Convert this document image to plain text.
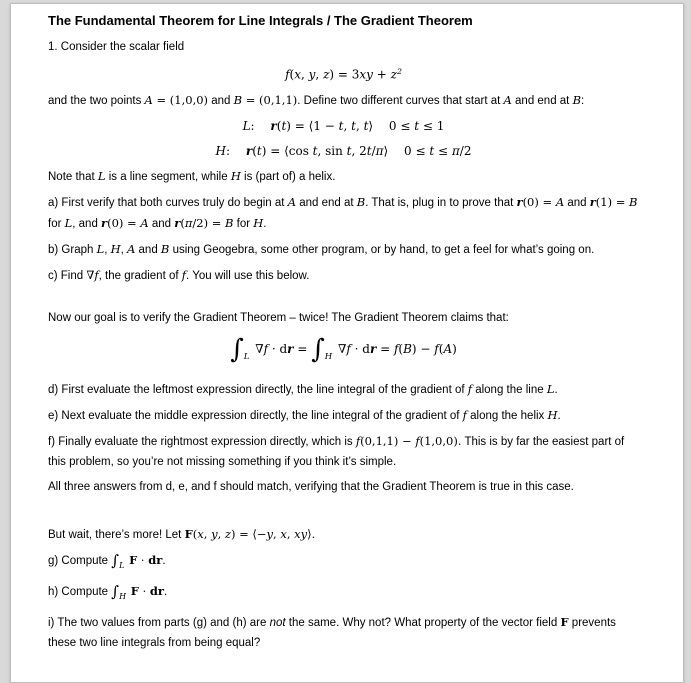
The Fundamental Theorem for Line Integrals / The Gradient Theorem

1. Consider the scalar field

f(x, y, $z) = 3xy + z^2$

and the two points A = (1,0,0) and B = (0,1,1). Define two different curves that start at A and end at B:

L:  r(t) = ⟨1 − t, t, t⟩  0 ≤ t ≤ 1
H:  r(t) = ⟨cos t, sin t, 2t/π⟩  0 ≤ t ≤ π/2

Note that L is a line segment, while H is (part of) a helix.

a) First verify that both curves truly do begin at A and end at B. That is, plug in to prove that r(0) = A and r(1) = B for L, and r(0) = A and r(π/2) = B for H.

b) Graph L, H, A and B using Geogebra, some other program, or by hand, to get a feel for what’s going on.

c) Find ∇f, the gradient of f. You will use this below.

Now our goal is to verify the Gradient Theorem – twice! The Gradient Theorem claims that:

$\int_L$ ∇f · dr = $\int_H$ ∇f · dr = f(B) − f(A)

d) First evaluate the leftmost expression directly, the line integral of the gradient of f along the line L.

e) Next evaluate the middle expression directly, the line integral of the gradient of f along the helix H.

f) Finally evaluate the rightmost expression directly, which is f(0,1,1) − f(1,0,0). This is by far the easiest part of this problem, so you’re not missing something if you think it’s simple.

All three answers from d, e, and f should match, verifying that the Gradient Theorem is true in this case.

But wait, there’s more! Let F(x, y, z) = ⟨−y, x, xy⟩.

g) Compute $\int_L$ F · dr.

h) Compute $\int_H$ F · dr.

i) The two values from parts (g) and (h) are not the same. Why not? What property of the vector field F prevents these two line integrals from being equal?
